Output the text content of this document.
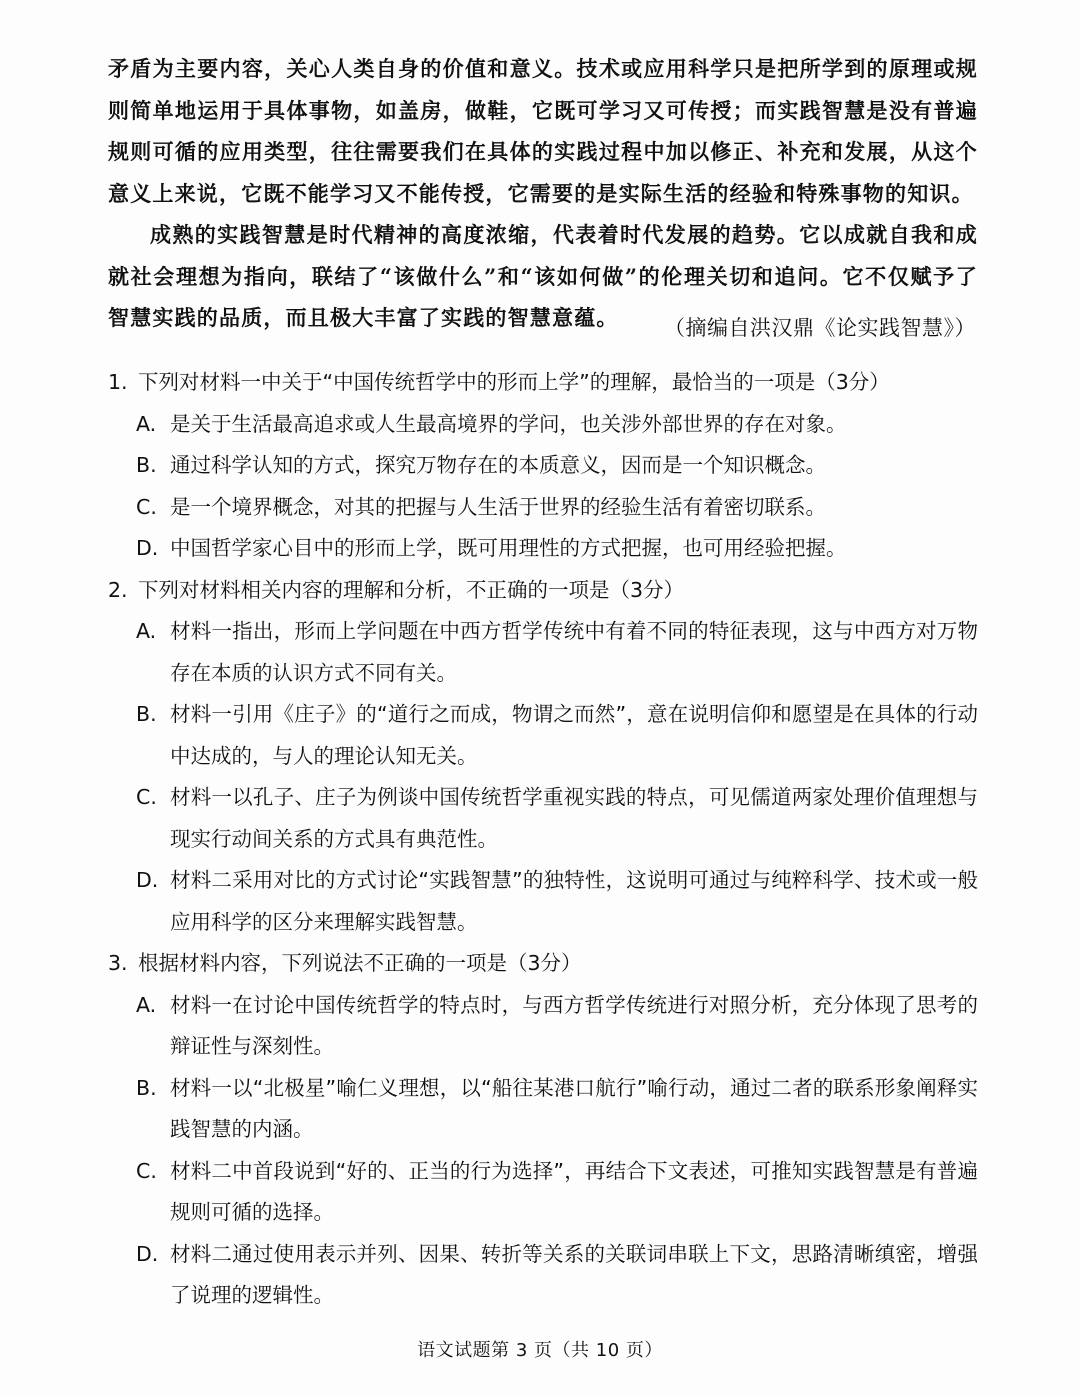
矛盾为主要内容，关心人类自身的价值和意义。技术或应用科学只是把所学到的原理或规则简单地运用于具体事物，如盖房，做鞋，它既可学习又可传授；而实践智慧是没有普遍规则可循的应用类型，往往需要我们在具体的实践过程中加以修正、补充和发展，从这个意义上来说，它既不能学习又不能传授，它需要的是实际生活的经验和特殊事物的知识。

成熟的实践智慧是时代精神的高度浓缩，代表着时代发展的趋势。它以成就自我和成就社会理想为指向，联结了“该做什么”和“该如何做”的伦理关切和追问。它不仅赋予了智慧实践的品质，而且极大丰富了实践的智慧意蕴。	（摘编自洪汉鼎《论实践智慧》）

1. 下列对材料一中关于“中国传统哲学中的形而上学”的理解，最恰当的一项是（3分）

A. 是关于生活最高追求或人生最高境界的学问，也关涉外部世界的存在对象。

B. 通过科学认知的方式，探究万物存在的本质意义，因而是一个知识概念。

C. 是一个境界概念，对其的把握与人生活于世界的经验生活有着密切联系。

D. 中国哲学家心目中的形而上学，既可用理性的方式把握，也可用经验把握。

2. 下列对材料相关内容的理解和分析，不正确的一项是（3分）

A. 材料一指出，形而上学问题在中西方哲学传统中有着不同的特征表现，这与中西方对万物存在本质的认识方式不同有关。

B. 材料一引用《庄子》的“道行之而成，物谓之而然”，意在说明信仰和愿望是在具体的行动中达成的，与人的理论认知无关。

C. 材料一以孔子、庄子为例谈中国传统哲学重视实践的特点，可见儒道两家处理价值理想与现实行动间关系的方式具有典范性。

D. 材料二采用对比的方式讨论“实践智慧”的独特性，这说明可通过与纯粹科学、技术或一般应用科学的区分来理解实践智慧。

3. 根据材料内容，下列说法不正确的一项是（3分）

A. 材料一在讨论中国传统哲学的特点时，与西方哲学传统进行对照分析，充分体现了思考的辩证性与深刻性。

B. 材料一以“北极星”喻仁义理想，以“船往某港口航行”喻行动，通过二者的联系形象阐释实践智慧的内涵。

C. 材料二中首段说到“好的、正当的行为选择”，再结合下文表述，可推知实践智慧是有普遍规则可循的选择。

D. 材料二通过使用表示并列、因果、转折等关系的关联词串联上下文，思路清晰缜密，增强了说理的逻辑性。

语文试题第 3 页（共 10 页）
